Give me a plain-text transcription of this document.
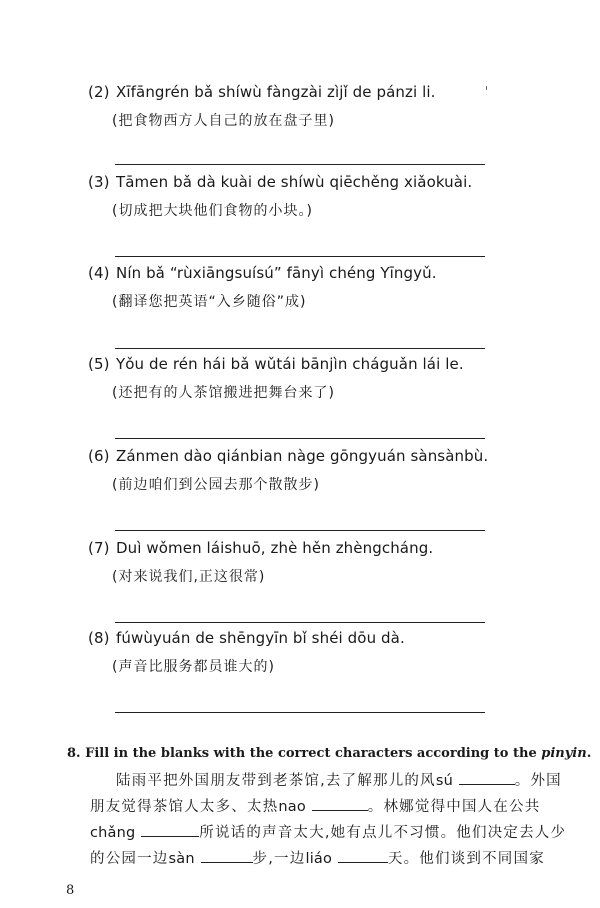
(2) Xīfāngrén bǎ shíwù fàngzài zìjǐ de pánzi li.
(把食物西方人自己的放在盘子里)
(3) Tāmen bǎ dà kuài de shíwù qiēchěng xiǎokuài.
(切成把大块他们食物的小块。)
(4) Nín bǎ “rùxiāngsuísú” fānyì chéng Yīngyǔ.
(翻译您把英语“入乡随俗”成)
(5) Yǒu de rén hái bǎ wǔtái bānjìn cháguǎn lái le.
(还把有的人茶馆搬进把舞台来了)
(6) Zánmen dào qiánbian nàge gōngyuán sànsànbù.
(前边咱们到公园去那个散散步)
(7) Duì wǒmen láishuō, zhè hěn zhèngcháng.
(对来说我们,正这很常)
(8) fúwùyuán de shēngyīn bǐ shéi dōu dà.
(声音比服务都员谁大的)
8. Fill in the blanks with the correct characters according to the pinyin.
陆雨平把外国朋友带到老茶馆,去了解那儿的风sú	。外国
朋友觉得茶馆人太多、太热nao	。林娜觉得中国人在公共
chǎng	所说话的声音太大,她有点儿不习惯。他们决定去人少
的公园一边sàn	步,一边liáo	天。他们谈到不同国家
8
